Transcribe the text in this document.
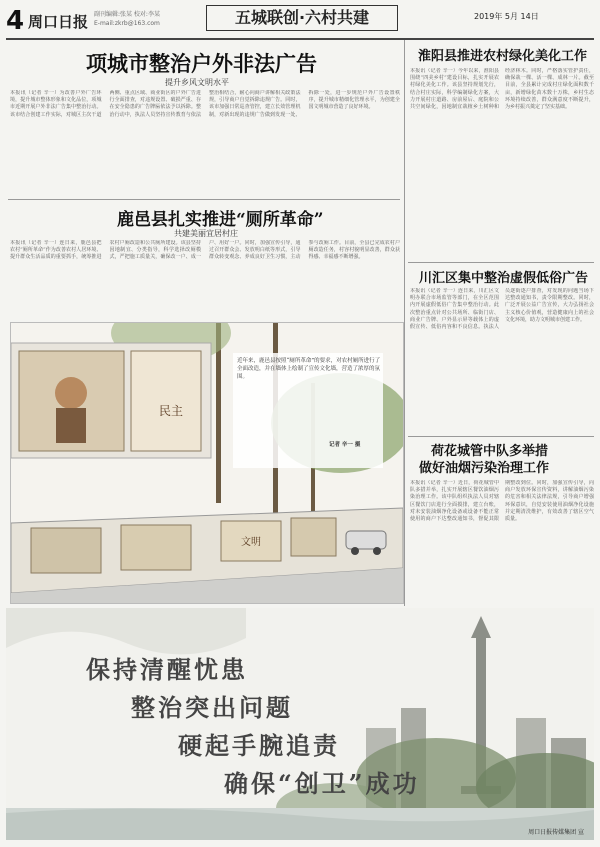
4 周口日报 副刊编辑:张某 校对:李某
E-mail:zkrb@163.com	五城联创·六村共建	2019年 5月 14日
项城市整治户外非法广告
提升乡风文明水平
本报讯（记者 辛一）为改善户外广告环境，提升城市整体形象和文化品位，项城市近期开展户外非法广告集中整治行动。该市结合创建工作实际，对城区主次干道两侧、重点区域、商业街区的户外广告进行全面排查，对违规设置、破损严重、存在安全隐患的广告牌匾依法予以拆除。整治行动中，执法人员坚持宣传教育与依法整治相结合，耐心向商户讲解相关政策法规，引导商户自觉拆除违规广告。同时，该市加强日常巡查管控，建立长效管理机制，对新出现的违规广告做到发现一处、拆除一处，进一步规范户外广告设置秩序，提升城市精细化管理水平，为创建全国文明城市营造了良好环境。
鹿邑县扎实推进“厕所革命”
共建美丽宜居村庄
本报讯（记者 辛一）连日来，鹿邑县把农村“厕所革命”作为改善农村人居环境、提升群众生活品质的重要抓手，统筹推进农村户厕改造和公共厕所建设。该县坚持因地制宜、分类指导，科学选择改厕模式，严把施工质量关，确保改一户、成一户、用好一户。同时，加强宣传引导，通过召开群众会、发放明白纸等形式，引导群众转变观念、养成良好卫生习惯，主动参与改厕工作。目前，全县已完成农村户厕改造任务，村容村貌明显改善，群众获得感、幸福感不断增强。
民主
文明
近年来，鹿邑县按照“厕所革命”的要求，对农村厕所进行了全面改造，并在墙体上绘制了宣传文化墙，营造了浓厚的氛围。
记者 辛一 摄
淮阳县推进农村绿化美化工作
本报讯（记者 辛一）今年以来，淮阳县围绕“四美乡村”建设目标，扎实开展农村绿化美化工作。该县坚持规划先行，结合村庄实际，科学编制绿化方案，大力开展村庄道路、房前屋后、庭院和公共空间绿化，因地制宜栽植乡土树种和经济林木。同时，严格落实管护责任，确保栽一棵、活一棵、成林一片。截至目前，全县累计完成村庄绿化面积数千亩，新增绿化苗木数十万株，乡村生态环境持续改善，群众满意度不断提升，为乡村振兴奠定了坚实基础。
川汇区集中整治虚假低俗广告
本报讯（记者 辛一）连日来，川汇区文明办联合市场监管等部门，在全区范围内开展虚假低俗广告集中整治行动。此次整治重点针对公共场所、临街门店、商业广告牌、户外显示屏等载体上的虚假宣传、低俗内容和不良信息。执法人员逐街逐户排查，对发现的问题当场下达整改通知书，责令限期整改。同时，广泛开展公益广告宣传，大力弘扬社会主义核心价值观，营造健康向上的社会文化环境，助力文明城市创建工作。
荷花城管中队多举措
做好油烟污染治理工作
本报讯（记者 辛一）近日，荷花城管中队多措并举，扎实开展辖区餐饮油烟污染治理工作。该中队组织执法人员对辖区餐饮门店进行全面摸排，建立台账，对未安装油烟净化设备或设备不能正常使用的商户下达整改通知书，督促其限期整改到位。同时，加强宣传引导，向商户发放环保宣传资料，讲解油烟污染的危害和相关法律法规，引导商户增强环保意识，自觉安装使用油烟净化设施并定期清洗维护，有效改善了辖区空气质量。
保持清醒忧患
整治突出问题
硬起手腕追责
确保“创卫”成功
周口日报传媒集团 宣
